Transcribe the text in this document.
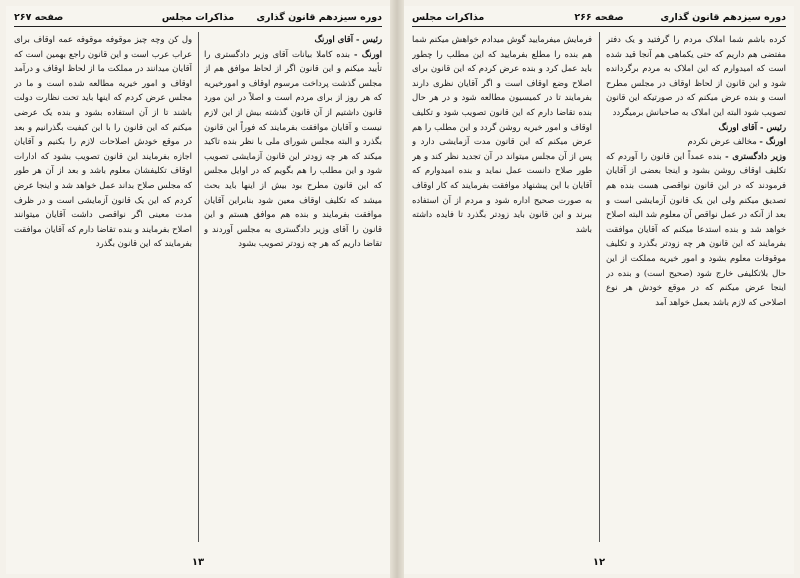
دوره سیزدهم قانون گذاری
مذاکرات مجلس
صفحه ۲۶۷

رئیس - آقای اورنگ

اورنگ - بنده کاملا بیانات آقای وزیر دادگستری را تأیید میکنم و این قانون اگر از لحاظ موافق هم از مجلس گذشت پرداخت مرسوم اوقاف و امورخیریه که هر روز از برای مردم است و اصلاً در این مورد قانون داشتیم از آن قانون گذشته بیش از این لازم نیست و آقایان موافقت بفرمایند که فوراً این قانون بگذرد و البته مجلس شورای ملی با نظر بنده تاکید میکند که هر چه زودتر این قانون آزمایشی تصویب شود و این مطلب را هم بگویم که در اوایل مجلس که این قانون مطرح بود بیش از اینها باید بحث میشد که تکلیف اوقاف معین شود بنابراین آقایان موافقت بفرمایند و بنده هم موافق هستم و این قانون را آقای وزیر دادگستری به مجلس آوردند و تقاضا داریم که هر چه زودتر تصویب بشود

ول کن وچه چیز موقوفه موقوفه عمه اوقاف برای عراب عرب است و این قانون راجع بهمین است که آقایان میدانند در مملکت ما از لحاظ اوقاف و درآمد اوقاف و امور خیریه مطالعه شده است و ما در مجلس عرض کردم که اینها باید تحت نظارت دولت باشند تا از آن استفاده بشود و بنده یک عرضی میکنم که این قانون را با این کیفیت بگذرانیم و بعد در موقع خودش اصلاحات لازم را بکنیم و آقایان اجازه بفرمایند این قانون تصویب بشود که ادارات اوقاف تکلیفشان معلوم باشد و بعد از آن هر طور که مجلس صلاح بداند عمل خواهد شد و اینجا عرض کردم که این یک قانون آزمایشی است و در ظرف مدت معینی اگر نواقصی داشت آقایان میتوانند اصلاح بفرمایند و بنده تقاضا دارم که آقایان موافقت بفرمایند که این قانون بگذرد

۱۳
دوره سیزدهم قانون گذاری
صفحه ۲۶۶
مذاکرات مجلس

کرده باشم شما املاک مردم را گرفتید و یک دفتر مفتضی هم داریم که حتی یکماهی هم آنجا قید شده است که امیدوارم که این املاک به مردم برگردانده شود و این قانون از لحاظ اوقاف در مجلس مطرح است و بنده عرض میکنم که در صورتیکه این قانون تصویب شود البته این املاک به صاحبانش برمیگردد

رئیس - آقای اورنگ

اورنگ - مخالف عرض نکردم

وزیر دادگستری - بنده عمداً این قانون را آوردم که تکلیف اوقاف روشن بشود و اینجا بعضی از آقایان فرمودند که در این قانون نواقصی هست بنده هم تصدیق میکنم ولی این یک قانون آزمایشی است و بعد از آنکه در عمل نواقص آن معلوم شد البته اصلاح خواهد شد و بنده استدعا میکنم که آقایان موافقت بفرمایند که این قانون هر چه زودتر بگذرد و تکلیف موقوفات معلوم بشود و امور خیریه مملکت از این حال بلاتکلیفی خارج شود (صحیح است) و بنده در اینجا عرض میکنم که در موقع خودش هر نوع اصلاحی که لازم باشد بعمل خواهد آمد

فرمایش میفرمایید گوش میدادم خواهش میکنم شما هم بنده را مطلع بفرمایید که این مطلب را چطور باید عمل کرد و بنده عرض کردم که این قانون برای اصلاح وضع اوقاف است و اگر آقایان نظری دارند بفرمایند تا در کمیسیون مطالعه شود و در هر حال بنده تقاضا دارم که این قانون تصویب شود و تکلیف اوقاف و امور خیریه روشن گردد و این مطلب را هم عرض میکنم که این قانون مدت آزمایشی دارد و پس از آن مجلس میتواند در آن تجدید نظر کند و هر طور صلاح دانست عمل نماید و بنده امیدوارم که آقایان با این پیشنهاد موافقت بفرمایند که کار اوقاف به صورت صحیح اداره شود و مردم از آن استفاده ببرند و این قانون باید زودتر بگذرد تا فایده داشته باشد

۱۲
